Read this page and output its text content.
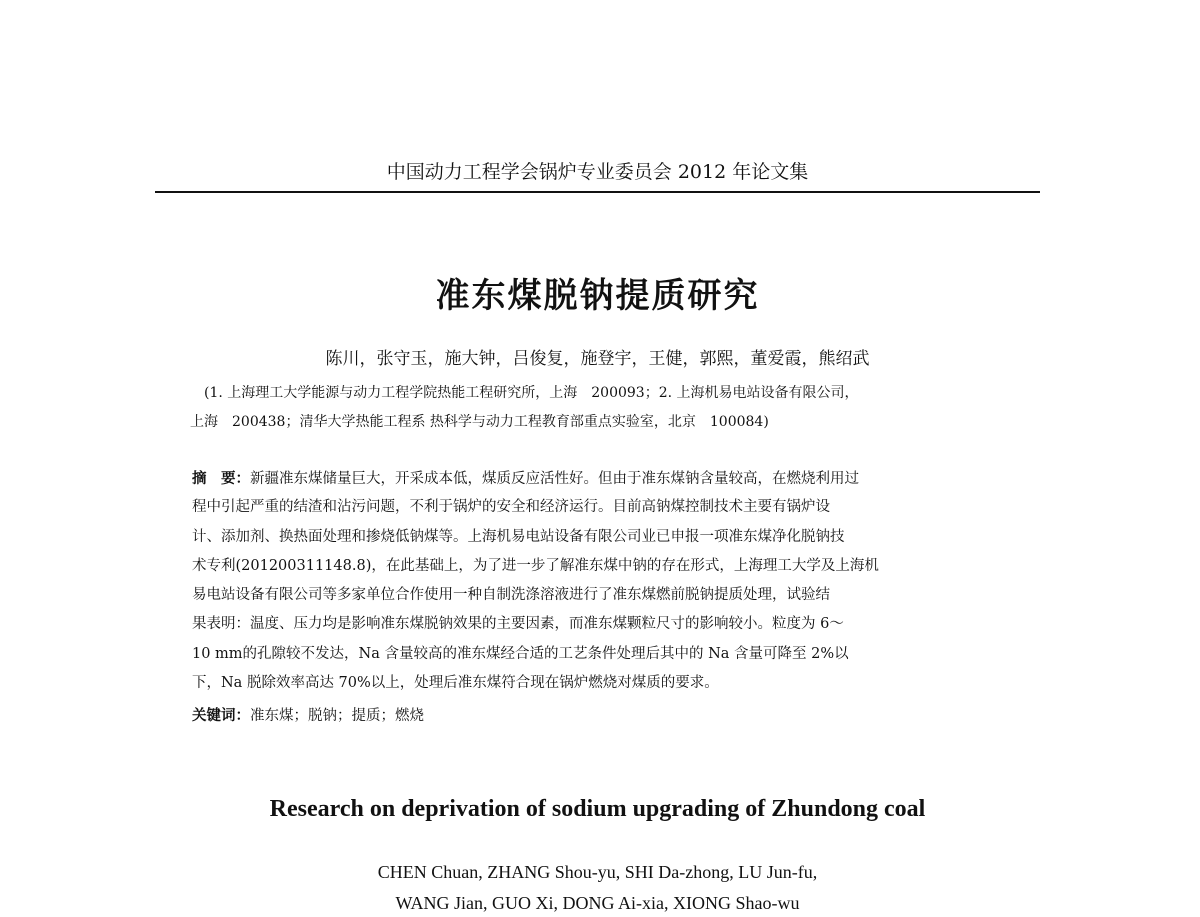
中国动力工程学会锅炉专业委员会 2012 年论文集
准东煤脱钠提质研究
陈川，张守玉，施大钟，吕俊复，施登宇，王健，郭熙，董爱霞，熊绍武
(1. 上海理工大学能源与动力工程学院热能工程研究所，上海　200093；2. 上海机易电站设备有限公司，
上海　200438；清华大学热能工程系 热科学与动力工程教育部重点实验室，北京　100084)
摘　要：新疆准东煤储量巨大，开采成本低，煤质反应活性好。但由于准东煤钠含量较高，在燃烧利用过
程中引起严重的结渣和沾污问题，不利于锅炉的安全和经济运行。目前高钠煤控制技术主要有锅炉设
计、添加剂、换热面处理和掺烧低钠煤等。上海机易电站设备有限公司业已申报一项准东煤净化脱钠技
术专利(201200311148.8)，在此基础上，为了进一步了解准东煤中钠的存在形式，上海理工大学及上海机
易电站设备有限公司等多家单位合作使用一种自制洗涤溶液进行了准东煤燃前脱钠提质处理，试验结
果表明：温度、压力均是影响准东煤脱钠效果的主要因素，而准东煤颗粒尺寸的影响较小。粒度为 6～
10 mm的孔隙较不发达，Na 含量较高的准东煤经合适的工艺条件处理后其中的 Na 含量可降至 2%以
下，Na 脱除效率高达 70%以上，处理后准东煤符合现在锅炉燃烧对煤质的要求。
关键词：准东煤；脱钠；提质；燃烧
Research on deprivation of sodium upgrading of Zhundong coal
CHEN Chuan, ZHANG Shou-yu, SHI Da-zhong, LU Jun-fu,
WANG Jian, GUO Xi, DONG Ai-xia, XIONG Shao-wu
